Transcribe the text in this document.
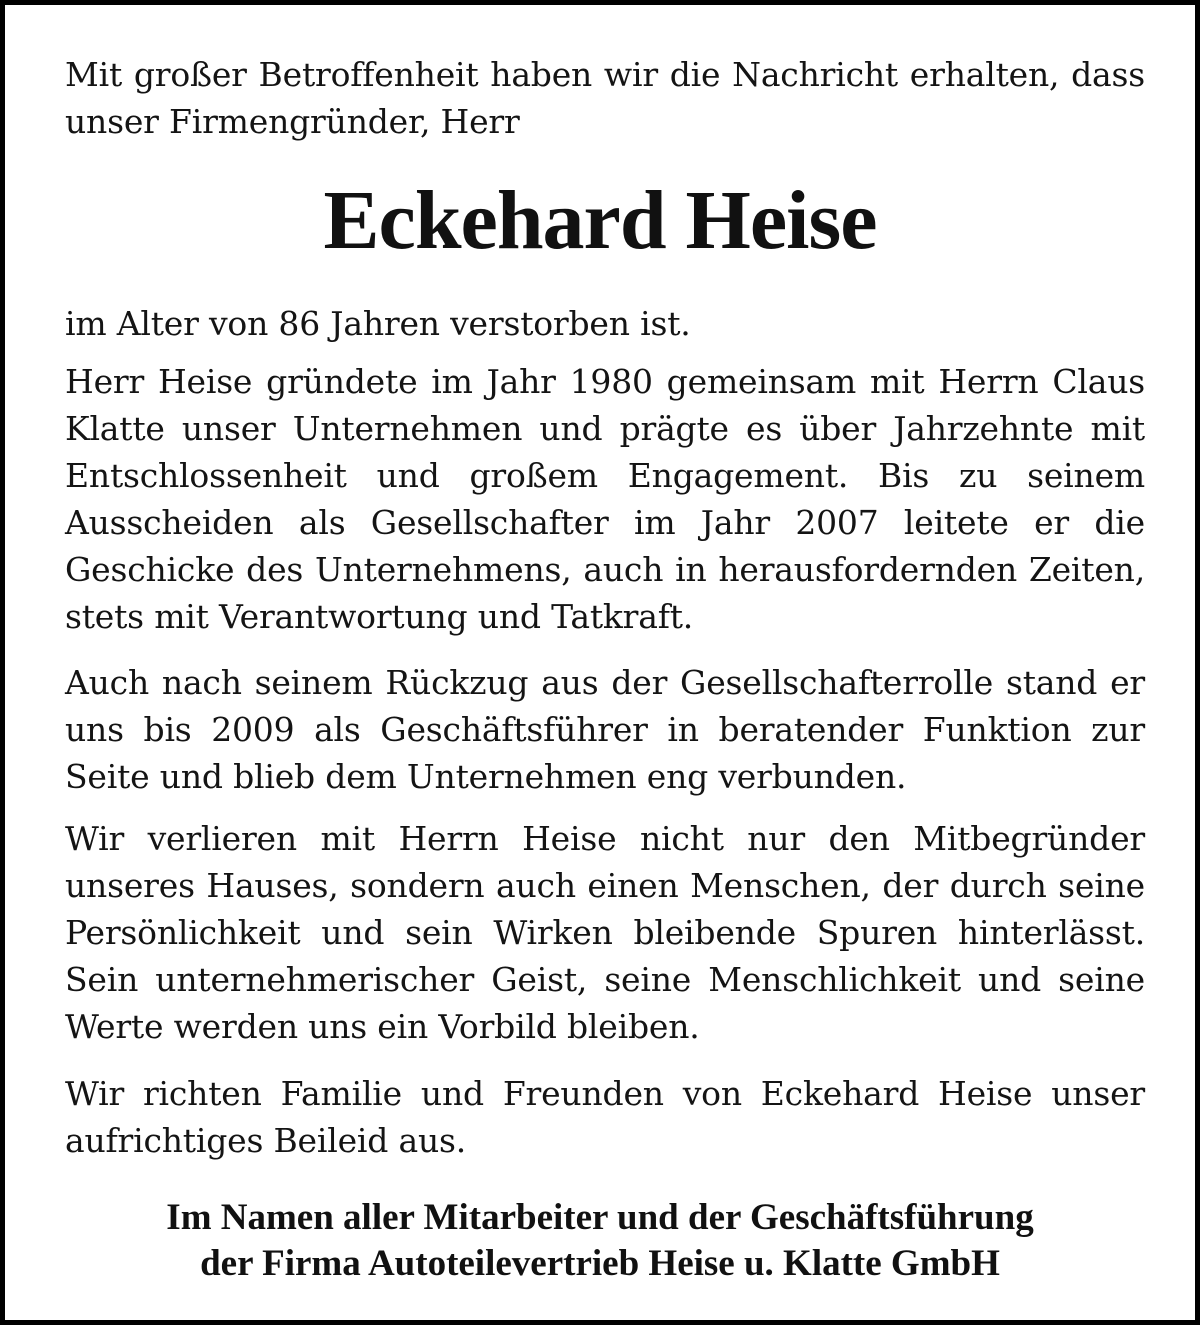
Mit großer Betroffenheit haben wir die Nachricht erhalten, dass unser Firmengründer, Herr

Eckehard Heise

im Alter von 86 Jahren verstorben ist.

Herr Heise gründete im Jahr 1980 gemeinsam mit Herrn Claus Klatte unser Unternehmen und prägte es über Jahrzehnte mit Entschlossenheit und großem Engagement. Bis zu seinem Ausscheiden als Gesellschafter im Jahr 2007 leitete er die Geschicke des Unternehmens, auch in herausfordernden Zeiten, stets mit Verantwortung und Tatkraft.

Auch nach seinem Rückzug aus der Gesellschafterrolle stand er uns bis 2009 als Geschäftsführer in beratender Funktion zur Seite und blieb dem Unternehmen eng verbunden.

Wir verlieren mit Herrn Heise nicht nur den Mitbegründer unseres Hauses, sondern auch einen Menschen, der durch seine Persönlichkeit und sein Wirken bleibende Spuren hinterlässt. Sein unternehmerischer Geist, seine Menschlichkeit und seine Werte werden uns ein Vorbild bleiben.

Wir richten Familie und Freunden von Eckehard Heise unser aufrichtiges Beileid aus.

Im Namen aller Mitarbeiter und der Geschäftsführung
der Firma Autoteilevertrieb Heise u. Klatte GmbH
